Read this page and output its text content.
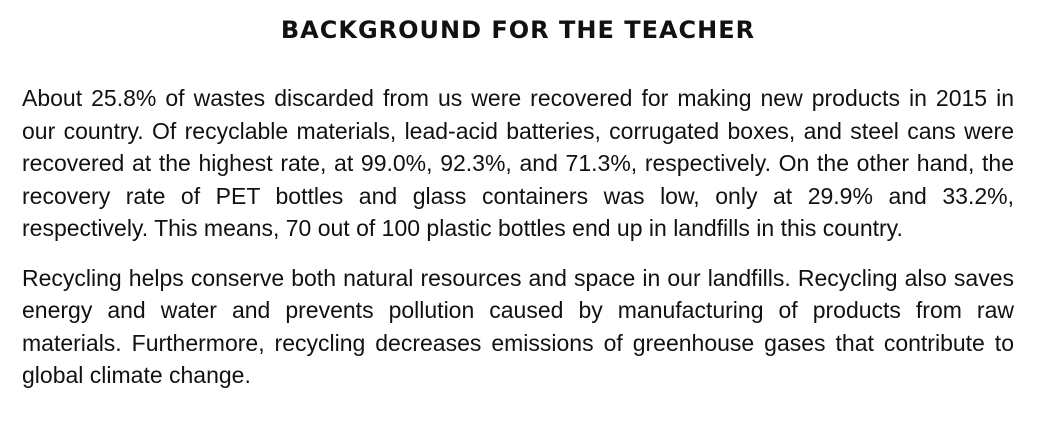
BACKGROUND FOR THE TEACHER

About 25.8% of wastes discarded from us were recovered for making new products in 2015 in our country. Of recyclable materials, lead-acid batteries, corrugated boxes, and steel cans were recovered at the highest rate, at 99.0%, 92.3%, and 71.3%, respectively. On the other hand, the recovery rate of PET bottles and glass containers was low, only at 29.9% and 33.2%, respectively. This means, 70 out of 100 plastic bottles end up in landfills in this country.

Recycling helps conserve both natural resources and space in our landfills. Recycling also saves energy and water and prevents pollution caused by manufacturing of products from raw materials. Furthermore, recycling decreases emissions of greenhouse gases that contribute to global climate change.
